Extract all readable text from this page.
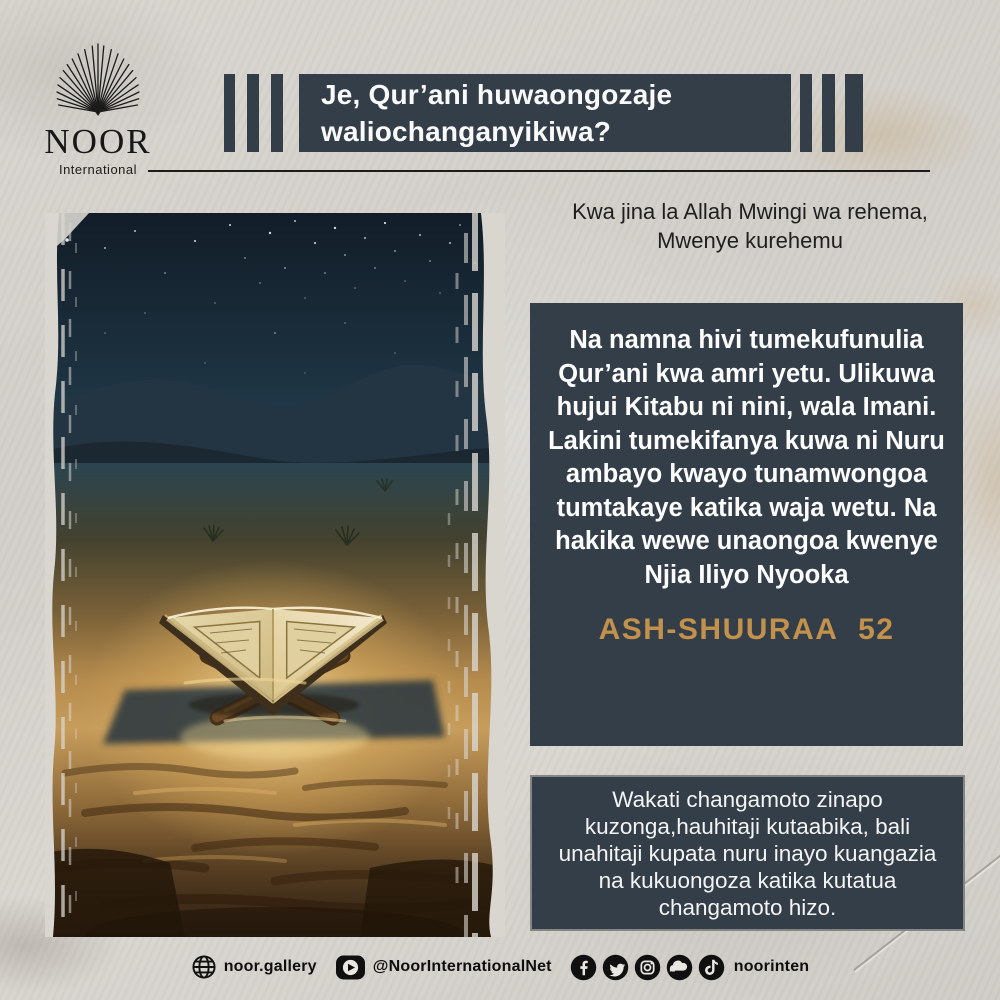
NOOR
International
Je, Qur’ani huwaongozaje
waliochanganyikiwa?
Kwa jina la Allah Mwingi wa rehema,
Mwenye kurehemu
Na namna hivi tumekufunulia
Qur’ani kwa amri yetu. Ulikuwa
hujui Kitabu ni nini, wala Imani.
Lakini tumekifanya kuwa ni Nuru
ambayo kwayo tunamwongoa
tumtakaye katika waja wetu. Na
hakika wewe unaongoa kwenye
Njia Iliyo Nyooka
ASH-SHUURAA  52
Wakati changamoto zinapo
kuzonga,hauhitaji kutaabika, bali
unahitaji kupata nuru inayo kuangazia
na kukuongoza katika kutatua
changamoto hizo.
noor.gallery	@NoorInternationalNet	noorinten
